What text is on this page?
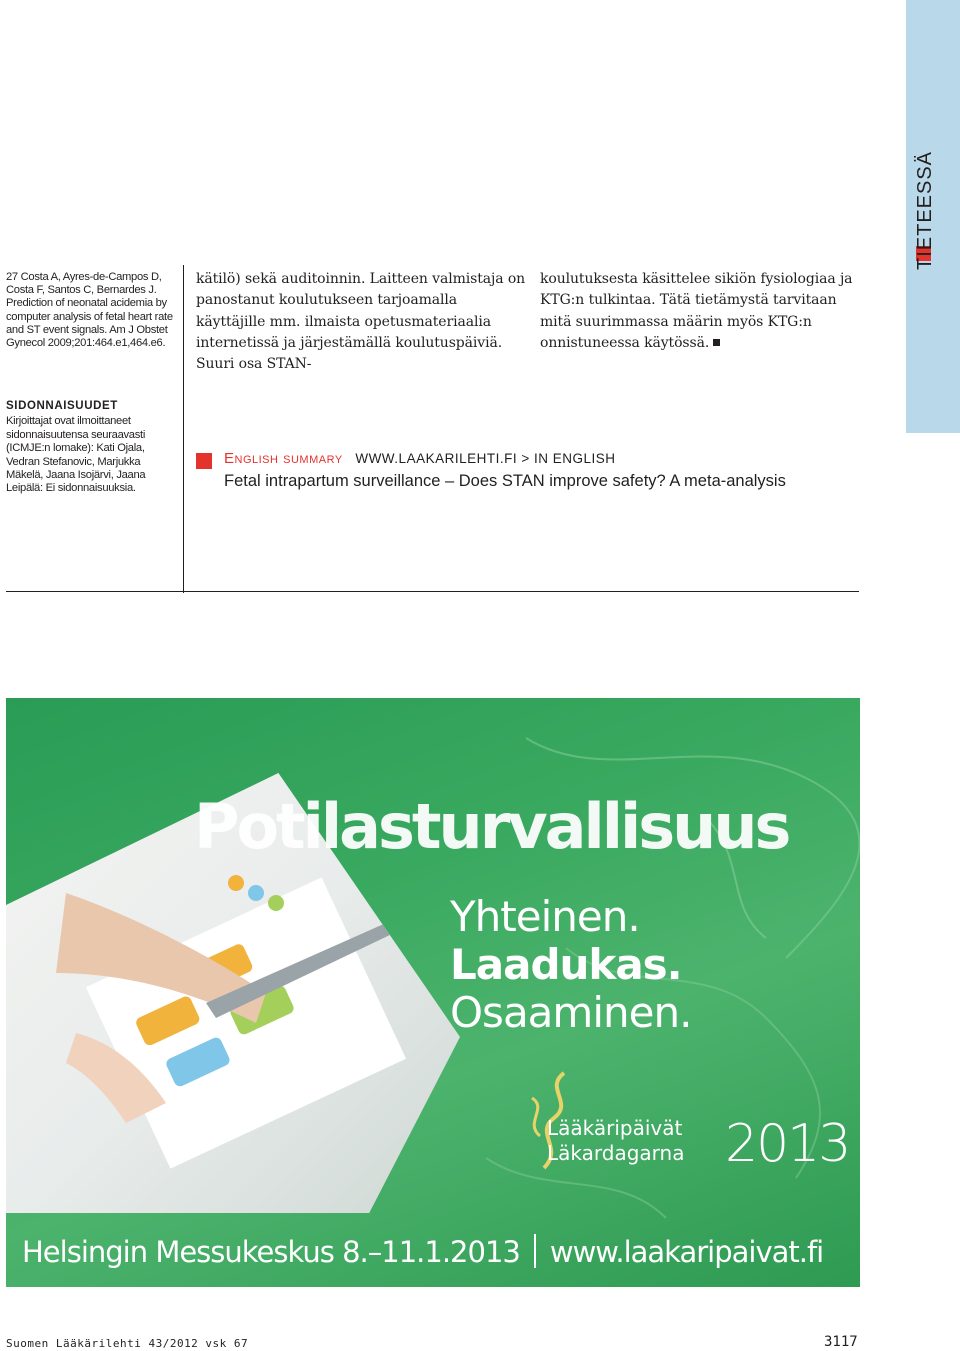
TIETEESSÄ
27 Costa A, Ayres-de-Campos D, Costa F, Santos C, Bernardes J. Prediction of neonatal acidemia by computer analysis of fetal heart rate and ST event signals. Am J Obstet Gynecol 2009;201:464.e1,464.e6.

kätilö) sekä auditoinnin. Laitteen valmistaja on panostanut koulutukseen tarjoamalla käyttäjille mm. ilmaista opetusmateriaalia internetissä ja järjestämällä koulutuspäiviä. Suuri osa STAN-

koulutuksesta käsittelee sikiön fysiologiaa ja KTG:n tulkintaa. Tätä tietämystä tarvitaan mitä suurimmassa määrin myös KTG:n onnistuneessa käytössä.

SIDONNAISUUDET

Kirjoittajat ovat ilmoittaneet sidonnaisuutensa seuraavasti (ICMJE:n lomake): Kati Ojala, Vedran Stefanovic, Marjukka Mäkelä, Jaana Isojärvi, Jaana Leipälä: Ei sidonnaisuuksia.

English summary WWW.LAAKARILEHTI.FI > IN ENGLISH
Fetal intrapartum surveillance – Does STAN improve safety? A meta-analysis
Potilasturvallisuus
Yhteinen.
Laadukas.
Osaaminen.
Lääkäripäivät
Läkardagarna 2013
Helsingin Messukeskus 8.–11.1.2013 www.laakaripaivat.fi
Suomen Lääkärilehti 43/2012 vsk 67	3117
